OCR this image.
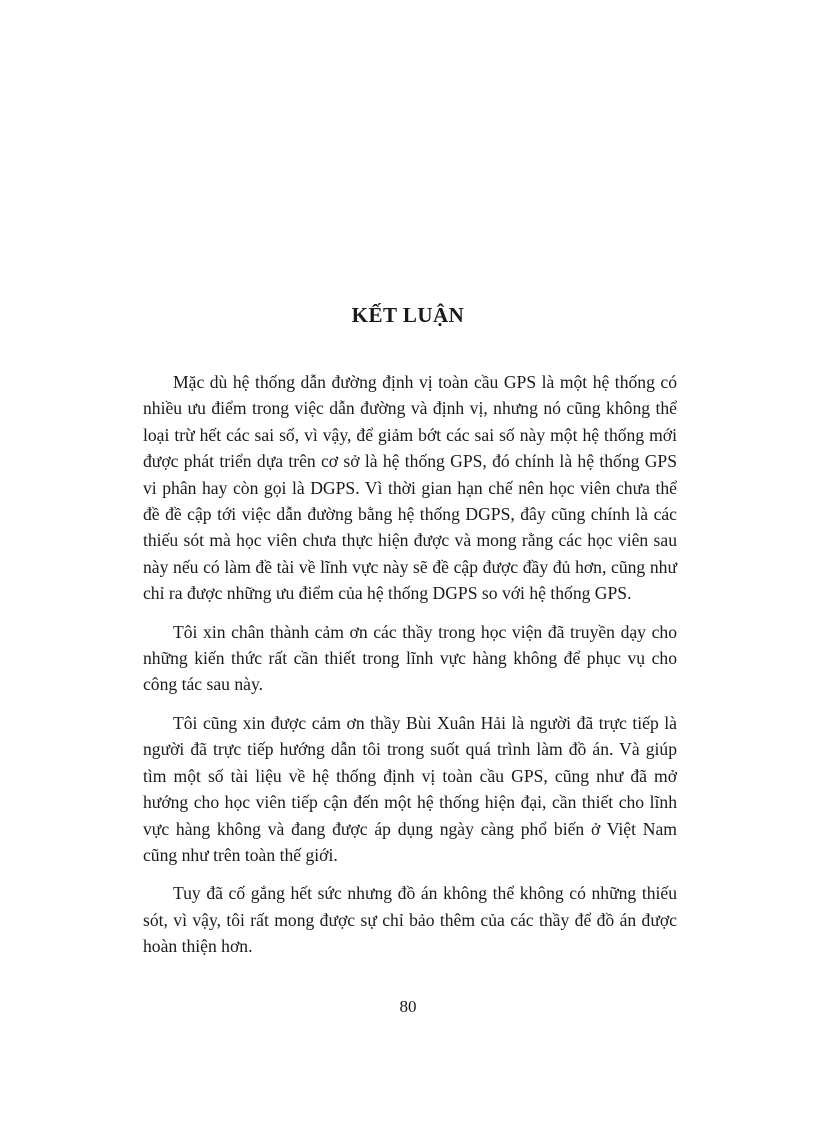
KẾT LUẬN

Mặc dù hệ thống dẫn đường định vị toàn cầu GPS là một hệ thống có nhiều ưu điểm trong việc dẫn đường và định vị, nhưng nó cũng không thể loại trừ hết các sai số, vì vậy, để giảm bớt các sai số này một hệ thống mới được phát triển dựa trên cơ sở là hệ thống GPS, đó chính là hệ thống GPS vi phân hay còn gọi là DGPS. Vì thời gian hạn chế nên học viên chưa thể đề đề cập tới việc dẫn đường bằng hệ thống DGPS, đây cũng chính là các thiếu sót mà học viên chưa thực hiện được và mong rằng các học viên sau này nếu có làm đề tài về lĩnh vực này sẽ đề cập được đầy đủ hơn, cũng như chỉ ra được những ưu điểm của hệ thống DGPS so với hệ thống GPS.

Tôi xin chân thành cảm ơn các thầy trong học viện đã truyền dạy cho những kiến thức rất cần thiết trong lĩnh vực hàng không để phục vụ cho công tác sau này.

Tôi cũng xin được cảm ơn thầy Bùi Xuân Hải là người đã trực tiếp là người đã trực tiếp hướng dẫn tôi trong suốt quá trình làm đồ án. Và giúp tìm một số tài liệu về hệ thống định vị toàn cầu GPS, cũng như đã mở hướng cho học viên tiếp cận đến một hệ thống hiện đại, cần thiết cho lĩnh vực hàng không và đang được áp dụng ngày càng phổ biến ở Việt Nam cũng như trên toàn thế giới.

Tuy đã cố gắng hết sức nhưng đồ án không thể không có những thiếu sót, vì vậy, tôi rất mong được sự chỉ bảo thêm của các thầy để đồ án được hoàn thiện hơn.

80
